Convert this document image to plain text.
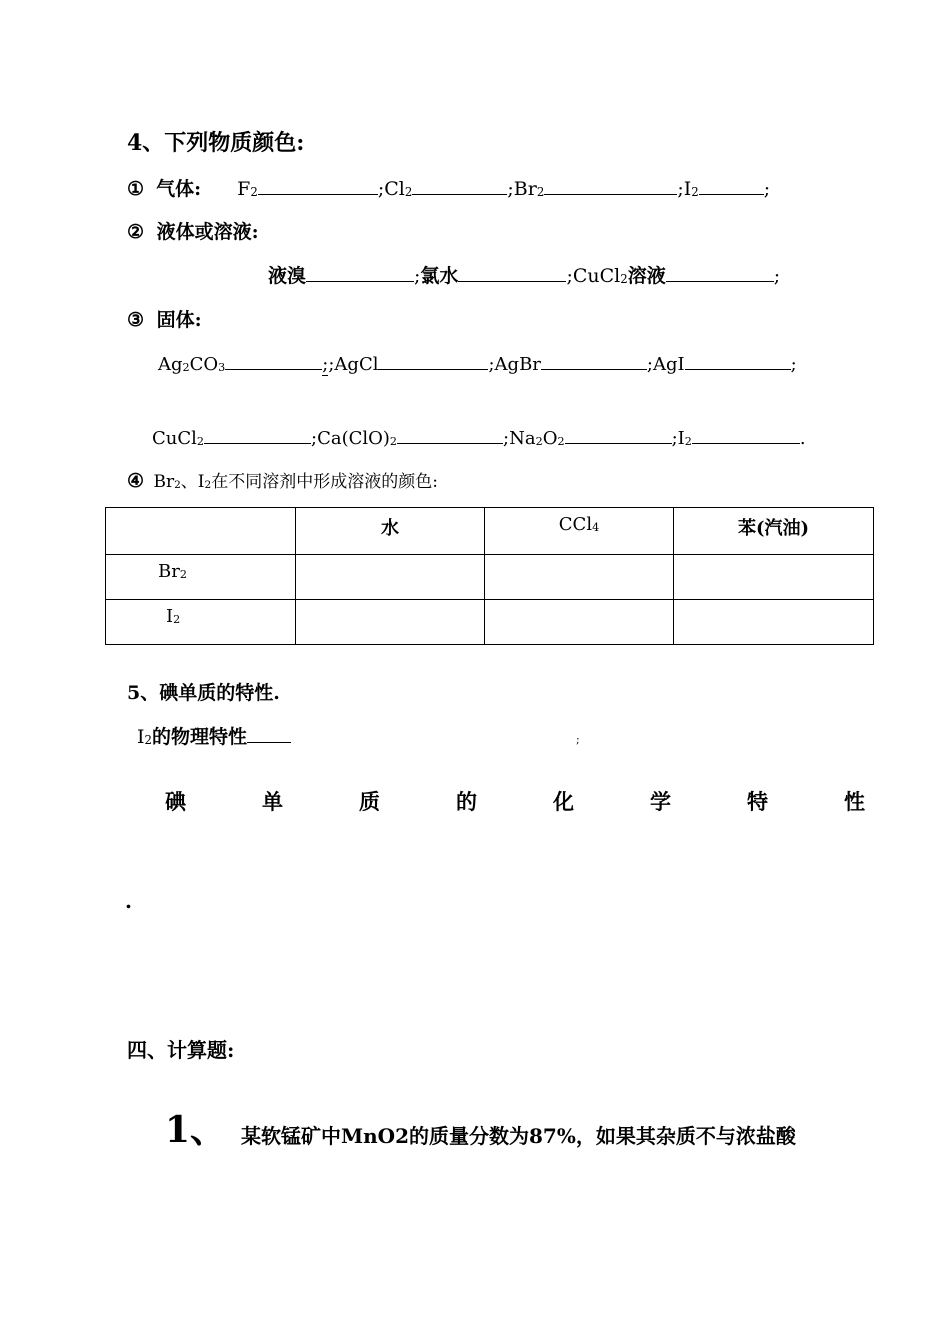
4、下列物质颜色:
① 气体: $F_2$	$;Cl_2$	$;Br_2$	$;I_2$	;
② 液体或溶液:
液溴	;氯水	;CuCl$_2$溶液	;
③ 固体:
$Ag_2CO_3$	;;AgCl	;AgBr	;AgI	;
CuCl$_2$	$;Ca(ClO)_2$	$;Na_2O_2$	$;I_2$	.
④ $Br_2$、$I_2$在不同溶剂中形成溶液的颜色:
	水	CCl$_4$	苯(汽油)
$Br_2$			
$I_2$			
5、碘单质的特性.
$I_2$的物理特性	;
碘	单	质	的	化	学	特	性
.
四、计算题:
1、 某软锰矿中MnO2的质量分数为87%，如果其杂质不与浓盐酸
